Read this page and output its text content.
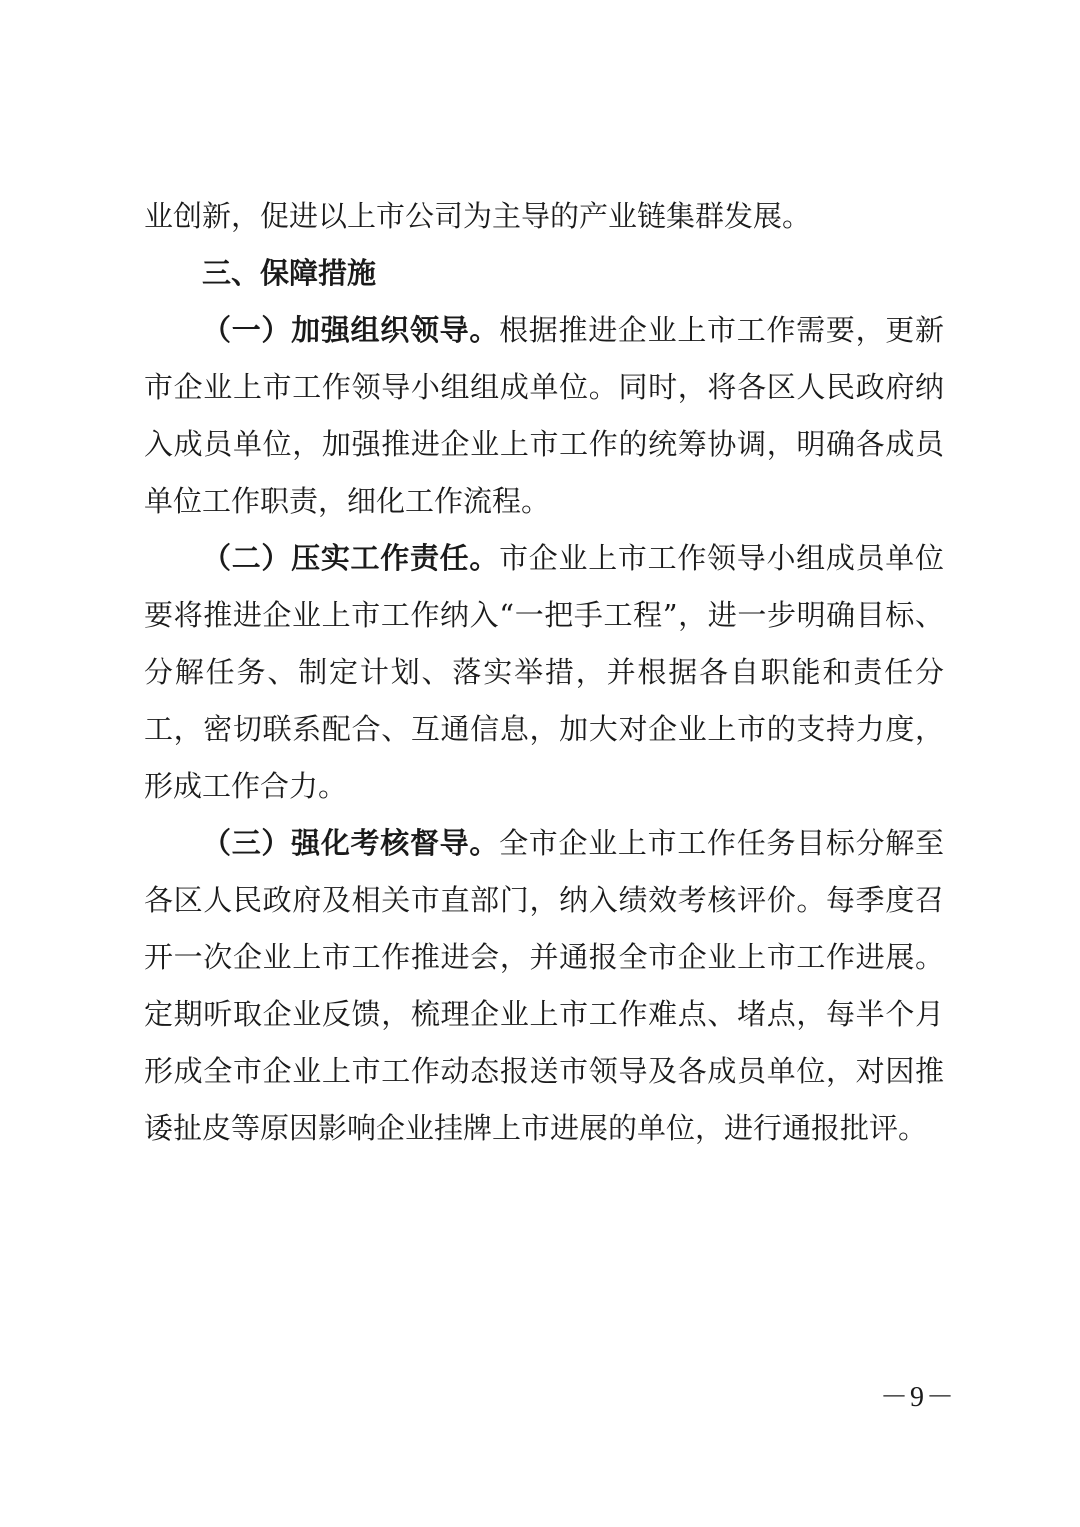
业创新，促进以上市公司为主导的产业链集群发展。

三、保障措施

（一）加强组织领导。根据推进企业上市工作需要，更新市企业上市工作领导小组组成单位。同时，将各区人民政府纳入成员单位，加强推进企业上市工作的统筹协调，明确各成员单位工作职责，细化工作流程。

（二）压实工作责任。市企业上市工作领导小组成员单位要将推进企业上市工作纳入“一把手工程”，进一步明确目标、分解任务、制定计划、落实举措，并根据各自职能和责任分工，密切联系配合、互通信息，加大对企业上市的支持力度，形成工作合力。

（三）强化考核督导。全市企业上市工作任务目标分解至各区人民政府及相关市直部门，纳入绩效考核评价。每季度召开一次企业上市工作推进会，并通报全市企业上市工作进展。定期听取企业反馈，梳理企业上市工作难点、堵点，每半个月形成全市企业上市工作动态报送市领导及各成员单位，对因推诿扯皮等原因影响企业挂牌上市进展的单位，进行通报批评。

－9－
